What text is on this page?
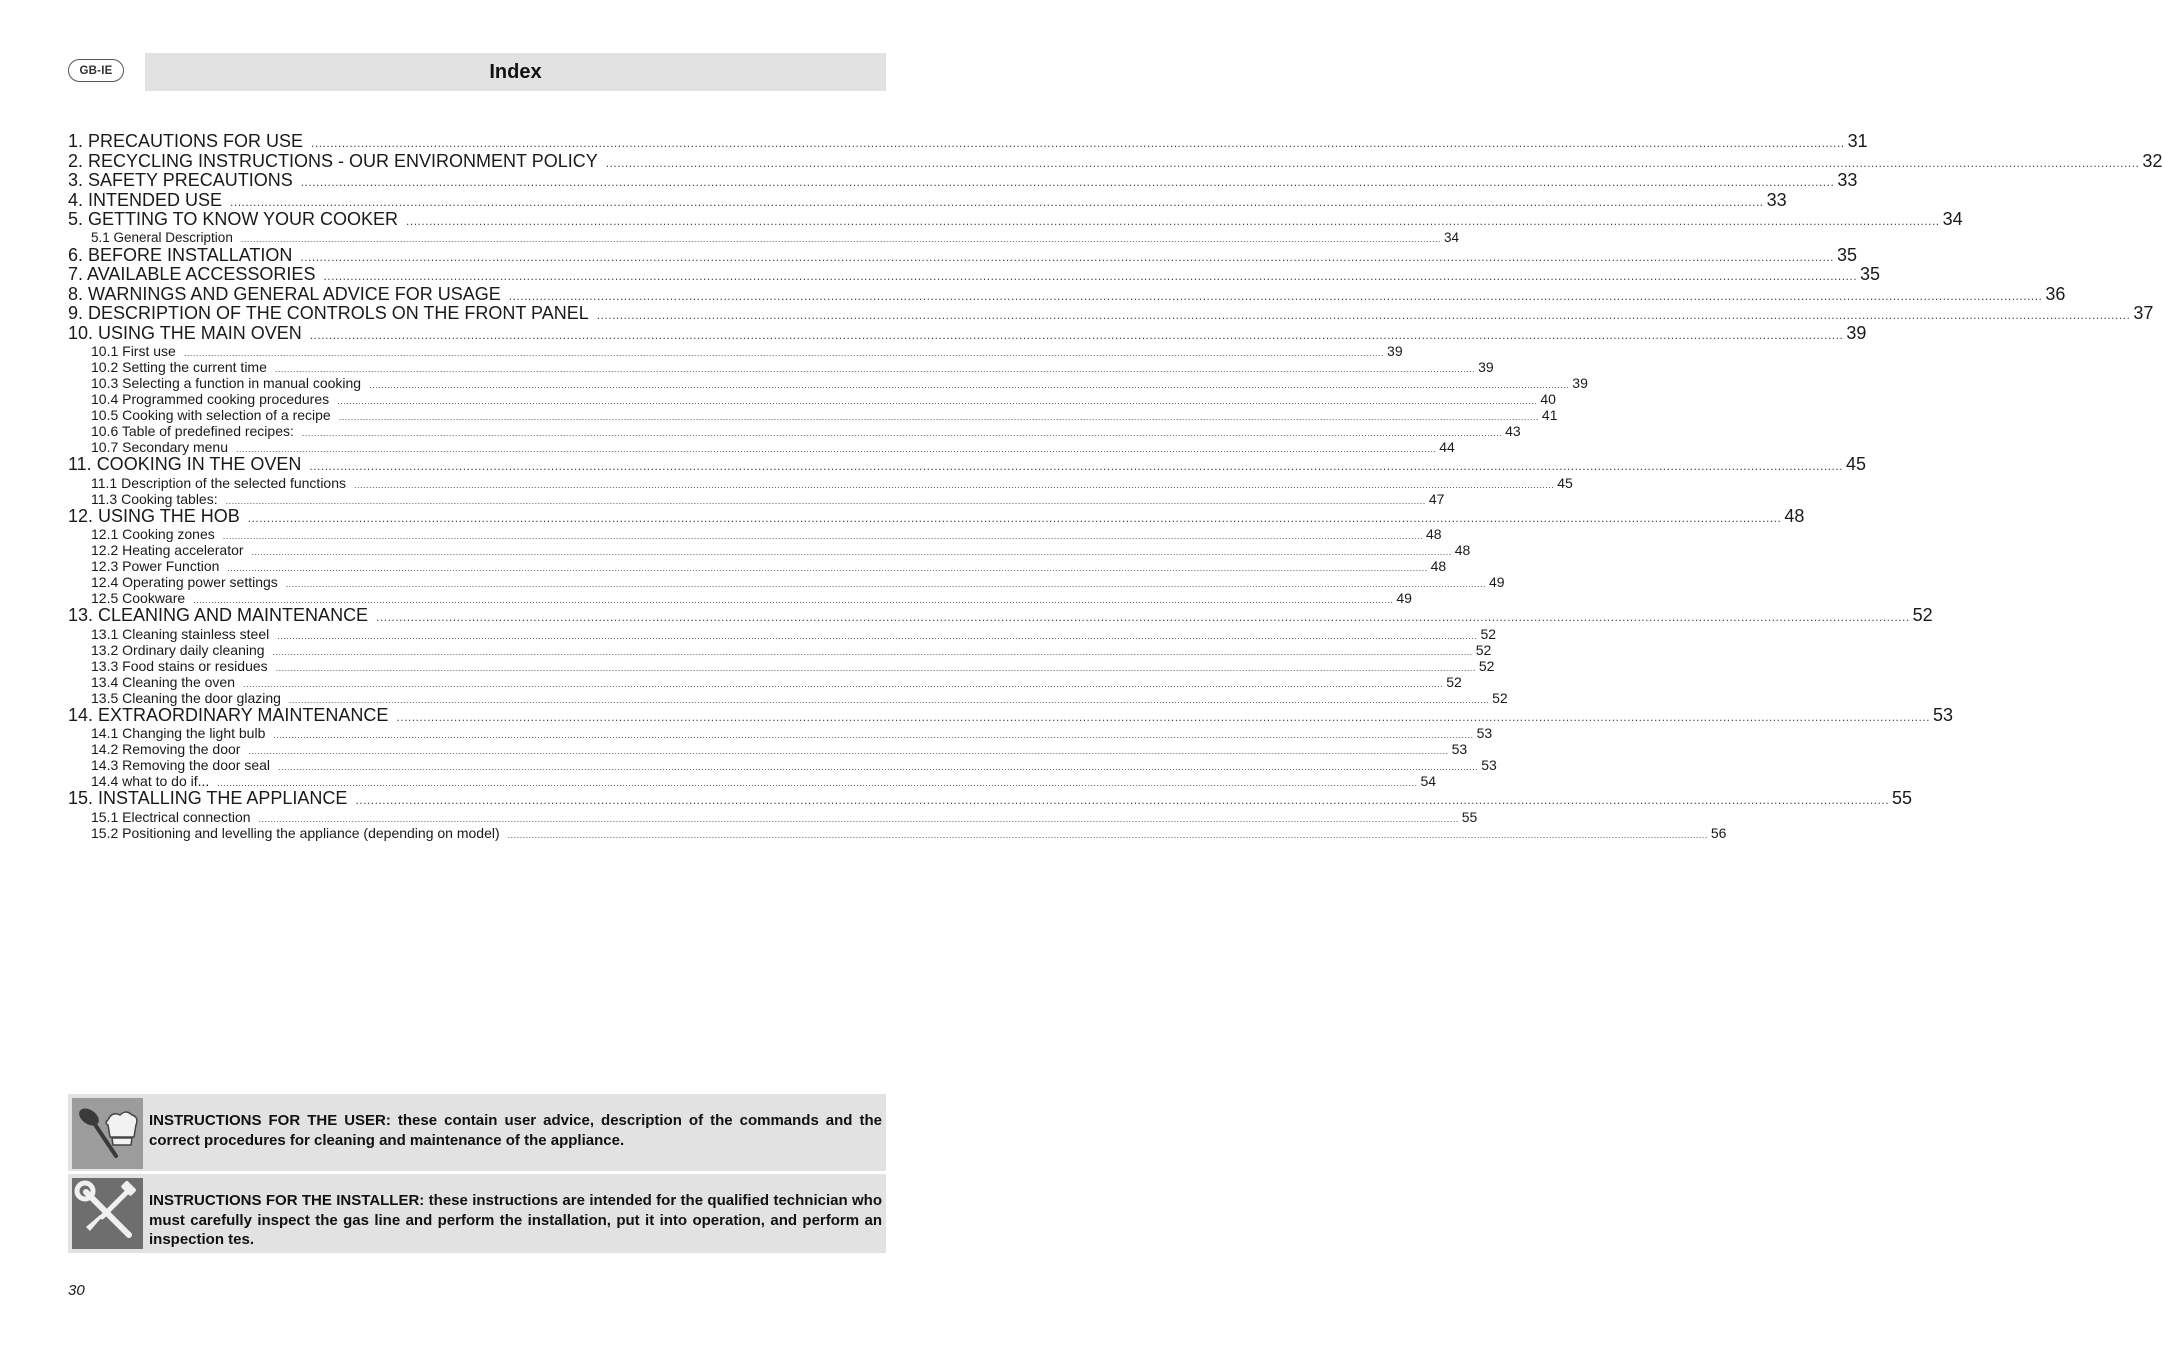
GB-IE	Index
1. PRECAUTIONS FOR USE ................................................................................................................................................................................................................................................................................................................................................................................................................ 31
2. RECYCLING INSTRUCTIONS - OUR ENVIRONMENT POLICY ................................................................................................................................................................................................................................................................................................................................................................................................................ 32
3. SAFETY PRECAUTIONS ................................................................................................................................................................................................................................................................................................................................................................................................................ 33
4. INTENDED USE ................................................................................................................................................................................................................................................................................................................................................................................................................ 33
5. GETTING TO KNOW YOUR COOKER ................................................................................................................................................................................................................................................................................................................................................................................................................ 34
5.1 General Description ................................................................................................................................................................................................................................................................................................................................................................................................................ 34
6. BEFORE INSTALLATION ................................................................................................................................................................................................................................................................................................................................................................................................................ 35
7. AVAILABLE ACCESSORIES ................................................................................................................................................................................................................................................................................................................................................................................................................ 35
8. WARNINGS AND GENERAL ADVICE FOR USAGE ................................................................................................................................................................................................................................................................................................................................................................................................................ 36
9. DESCRIPTION OF THE CONTROLS ON THE FRONT PANEL ................................................................................................................................................................................................................................................................................................................................................................................................................ 37
10. USING THE MAIN OVEN ................................................................................................................................................................................................................................................................................................................................................................................................................ 39
10.1 First use ................................................................................................................................................................................................................................................................................................................................................................................................................ 39
10.2 Setting the current time ................................................................................................................................................................................................................................................................................................................................................................................................................ 39
10.3 Selecting a function in manual cooking ................................................................................................................................................................................................................................................................................................................................................................................................................ 39
10.4 Programmed cooking procedures ................................................................................................................................................................................................................................................................................................................................................................................................................ 40
10.5 Cooking with selection of a recipe ................................................................................................................................................................................................................................................................................................................................................................................................................ 41
10.6 Table of predefined recipes: ................................................................................................................................................................................................................................................................................................................................................................................................................ 43
10.7 Secondary menu ................................................................................................................................................................................................................................................................................................................................................................................................................ 44
11. COOKING IN THE OVEN ................................................................................................................................................................................................................................................................................................................................................................................................................ 45
11.1 Description of the selected functions ................................................................................................................................................................................................................................................................................................................................................................................................................ 45
11.3 Cooking tables: ................................................................................................................................................................................................................................................................................................................................................................................................................ 47
12. USING THE HOB ................................................................................................................................................................................................................................................................................................................................................................................................................ 48
12.1 Cooking zones ................................................................................................................................................................................................................................................................................................................................................................................................................ 48
12.2 Heating accelerator ................................................................................................................................................................................................................................................................................................................................................................................................................ 48
12.3 Power Function ................................................................................................................................................................................................................................................................................................................................................................................................................ 48
12.4 Operating power settings ................................................................................................................................................................................................................................................................................................................................................................................................................ 49
12.5 Cookware ................................................................................................................................................................................................................................................................................................................................................................................................................ 49
13. CLEANING AND MAINTENANCE ................................................................................................................................................................................................................................................................................................................................................................................................................ 52
13.1 Cleaning stainless steel ................................................................................................................................................................................................................................................................................................................................................................................................................ 52
13.2 Ordinary daily cleaning ................................................................................................................................................................................................................................................................................................................................................................................................................ 52
13.3 Food stains or residues ................................................................................................................................................................................................................................................................................................................................................................................................................ 52
13.4 Cleaning the oven ................................................................................................................................................................................................................................................................................................................................................................................................................ 52
13.5 Cleaning the door glazing ................................................................................................................................................................................................................................................................................................................................................................................................................ 52
14. EXTRAORDINARY MAINTENANCE ................................................................................................................................................................................................................................................................................................................................................................................................................ 53
14.1 Changing the light bulb ................................................................................................................................................................................................................................................................................................................................................................................................................ 53
14.2 Removing the door ................................................................................................................................................................................................................................................................................................................................................................................................................ 53
14.3 Removing the door seal ................................................................................................................................................................................................................................................................................................................................................................................................................ 53
14.4 what to do if... ................................................................................................................................................................................................................................................................................................................................................................................................................ 54
15. INSTALLING THE APPLIANCE ................................................................................................................................................................................................................................................................................................................................................................................................................ 55
15.1 Electrical connection ................................................................................................................................................................................................................................................................................................................................................................................................................ 55
15.2 Positioning and levelling the appliance (depending on model) ................................................................................................................................................................................................................................................................................................................................................................................................................ 56
INSTRUCTIONS FOR THE USER: these contain user advice, description of the commands and the correct procedures for cleaning and maintenance of the appliance.
INSTRUCTIONS FOR THE INSTALLER: these instructions are intended for the qualified technician who must carefully inspect the gas line and perform the installation, put it into operation, and perform an inspection tes.
30
